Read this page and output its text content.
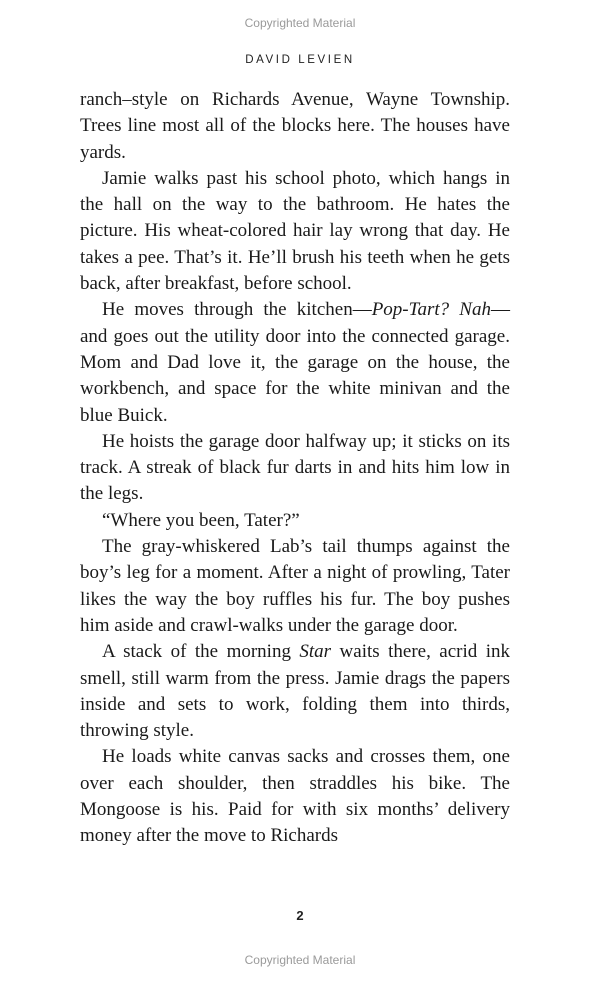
Copyrighted Material
DAVID LEVIEN

ranch–style on Richards Avenue, Wayne Township. Trees line most all of the blocks here. The houses have yards.

Jamie walks past his school photo, which hangs in the hall on the way to the bathroom. He hates the picture. His wheat-colored hair lay wrong that day. He takes a pee. That’s it. He’ll brush his teeth when he gets back, after breakfast, before school.

He moves through the kitchen—Pop-Tart? Nah—and goes out the utility door into the connected garage. Mom and Dad love it, the garage on the house, the workbench, and space for the white minivan and the blue Buick.

He hoists the garage door halfway up; it sticks on its track. A streak of black fur darts in and hits him low in the legs.

“Where you been, Tater?”

The gray-whiskered Lab’s tail thumps against the boy’s leg for a moment. After a night of prowling, Tater likes the way the boy ruffles his fur. The boy pushes him aside and crawl-walks under the garage door.

A stack of the morning Star waits there, acrid ink smell, still warm from the press. Jamie drags the papers inside and sets to work, folding them into thirds, throwing style.

He loads white canvas sacks and crosses them, one over each shoulder, then straddles his bike. The Mongoose is his. Paid for with six months’ delivery money after the move to Richards

2
Copyrighted Material
